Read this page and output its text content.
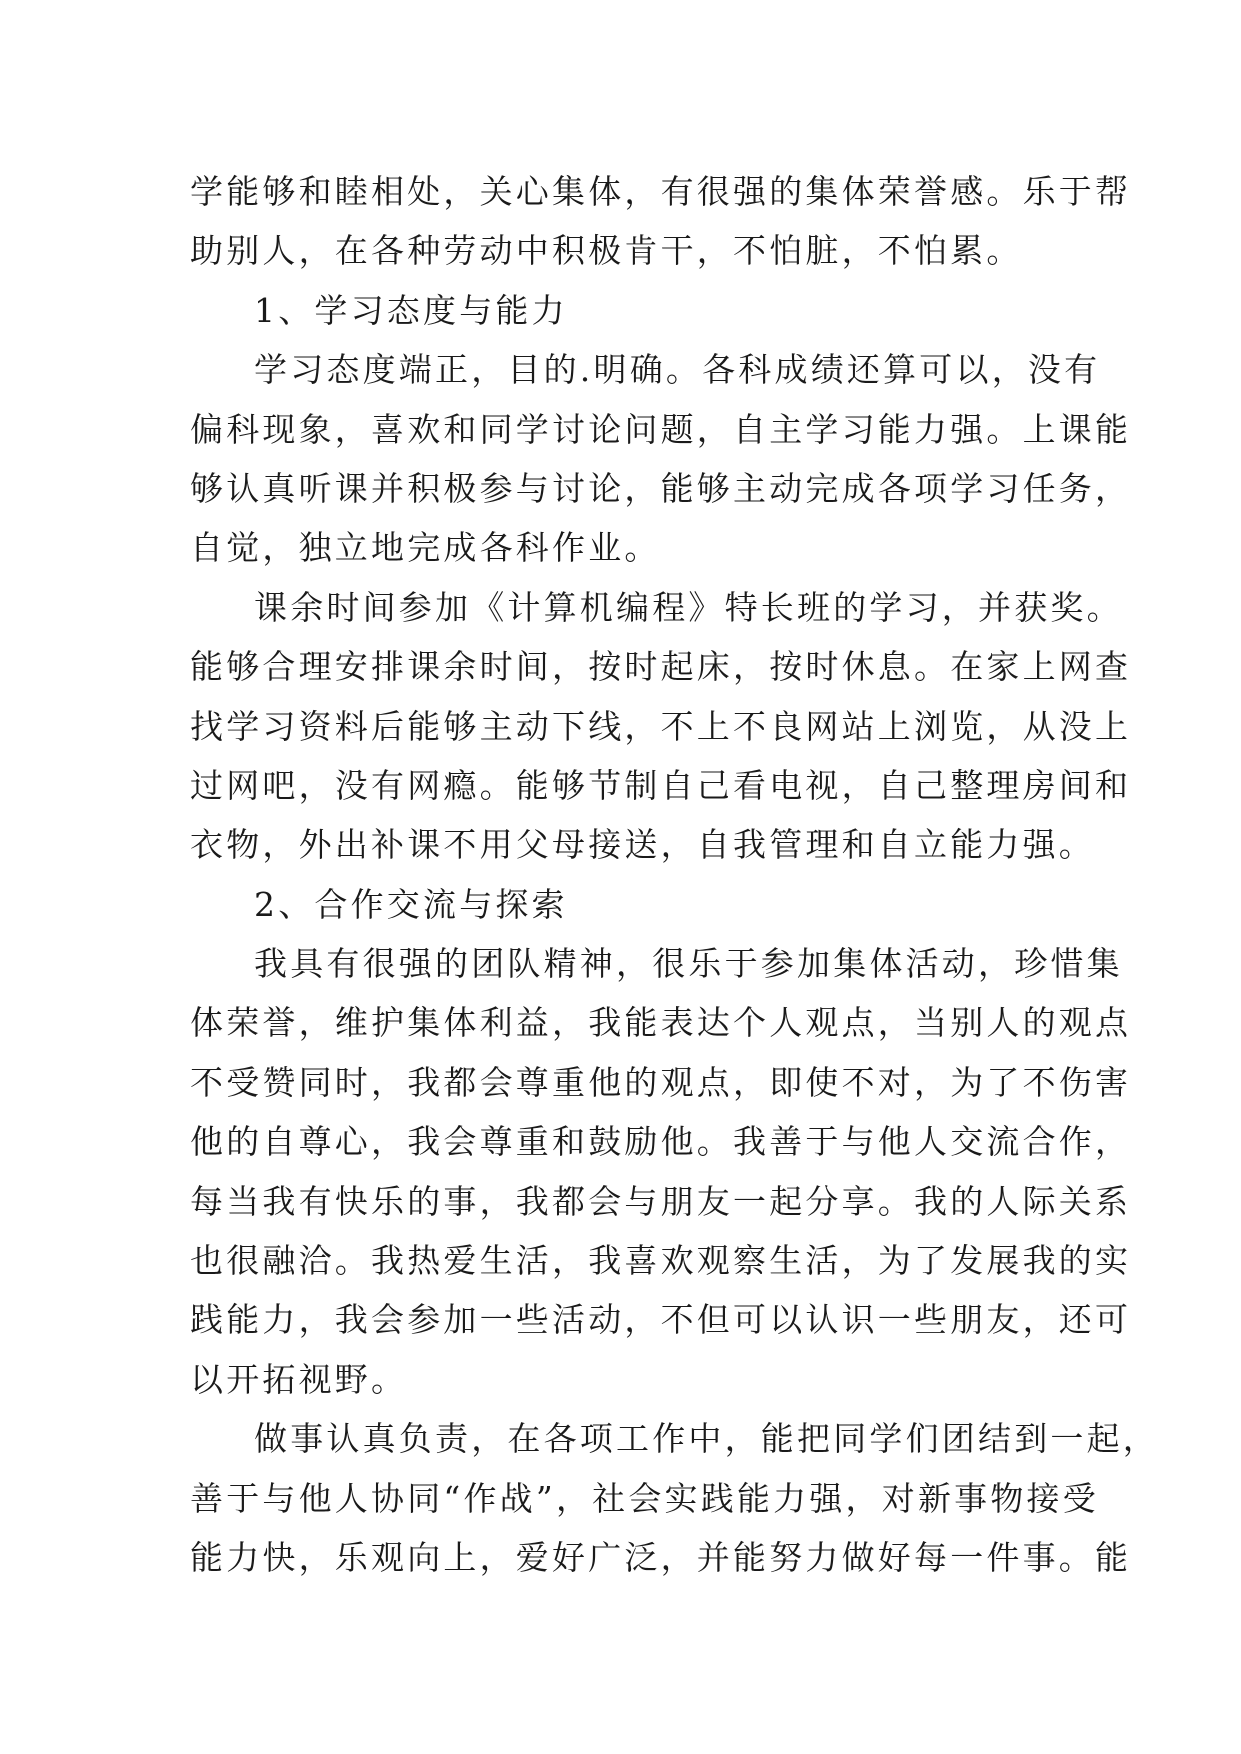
学能够和睦相处，关心集体，有很强的集体荣誉感。乐于帮
助别人，在各种劳动中积极肯干，不怕脏，不怕累。
1、学习态度与能力
学习态度端正，目的.明确。各科成绩还算可以，没有
偏科现象，喜欢和同学讨论问题，自主学习能力强。上课能
够认真听课并积极参与讨论，能够主动完成各项学习任务，
自觉，独立地完成各科作业。
课余时间参加《计算机编程》特长班的学习，并获奖。
能够合理安排课余时间，按时起床，按时休息。在家上网查
找学习资料后能够主动下线，不上不良网站上浏览，从没上
过网吧，没有网瘾。能够节制自己看电视，自己整理房间和
衣物，外出补课不用父母接送，自我管理和自立能力强。
2、合作交流与探索
我具有很强的团队精神，很乐于参加集体活动，珍惜集
体荣誉，维护集体利益，我能表达个人观点，当别人的观点
不受赞同时，我都会尊重他的观点，即使不对，为了不伤害
他的自尊心，我会尊重和鼓励他。我善于与他人交流合作，
每当我有快乐的事，我都会与朋友一起分享。我的人际关系
也很融洽。我热爱生活，我喜欢观察生活，为了发展我的实
践能力，我会参加一些活动，不但可以认识一些朋友，还可
以开拓视野。
做事认真负责，在各项工作中，能把同学们团结到一起，
善于与他人协同“作战”，社会实践能力强，对新事物接受
能力快，乐观向上，爱好广泛，并能努力做好每一件事。能
